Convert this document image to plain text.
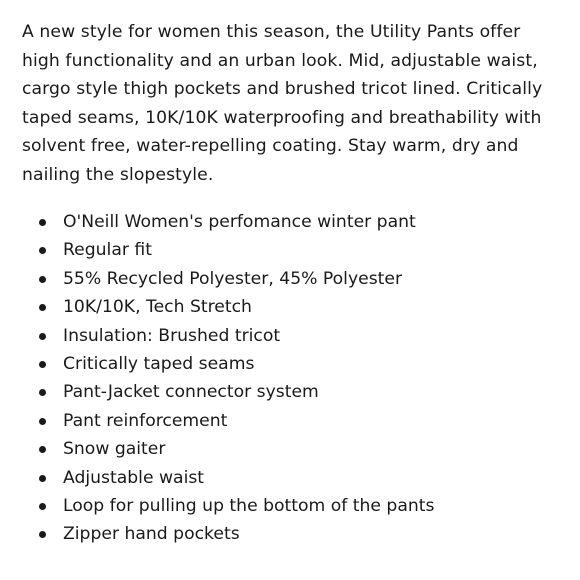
A new style for women this season, the Utility Pants offer high functionality and an urban look. Mid, adjustable waist, cargo style thigh pockets and brushed tricot lined. Critically taped seams, 10K/10K waterproofing and breathability with solvent free, water-repelling coating. Stay warm, dry and nailing the slopestyle.

O'Neill Women's perfomance winter pant
Regular fit
55% Recycled Polyester, 45% Polyester
10K/10K, Tech Stretch
Insulation: Brushed tricot
Critically taped seams
Pant-Jacket connector system
Pant reinforcement
Snow gaiter
Adjustable waist
Loop for pulling up the bottom of the pants
Zipper hand pockets
